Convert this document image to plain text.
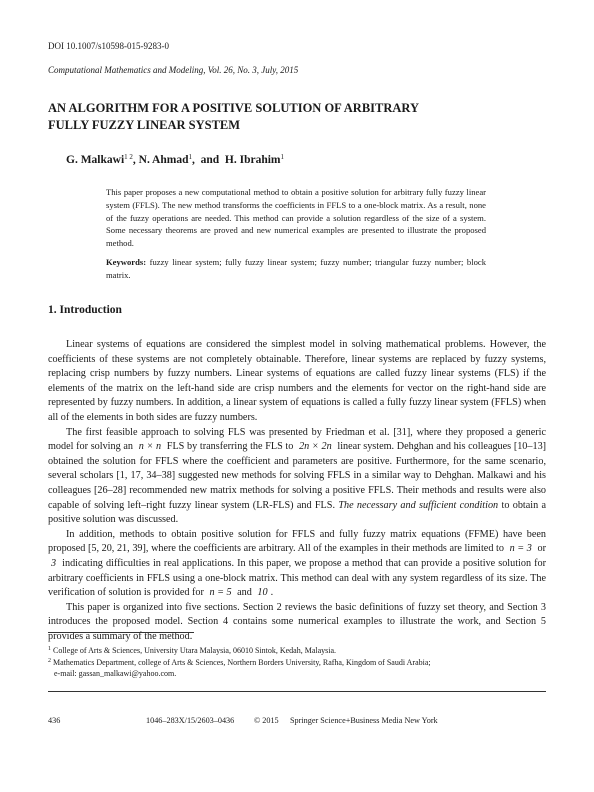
DOI 10.1007/s10598-015-9283-0
Computational Mathematics and Modeling, Vol. 26, No. 3, July, 2015
AN ALGORITHM FOR A POSITIVE SOLUTION OF ARBITRARY
FULLY FUZZY LINEAR SYSTEM
G. Malkawi$^{1 2}$, N. Ahmad$^1$,  and  H. Ibrahim$^1$
This paper proposes a new computational method to obtain a positive solution for arbitrary fully fuzzy linear system (FFLS). The new method transforms the coefficients in FFLS to a one-block matrix. As a result, none of the fuzzy operations are needed. This method can provide a solution regardless of the size of a system. Some necessary theorems are proved and new numerical examples are presented to illustrate the proposed method.
Keywords: fuzzy linear system; fully fuzzy linear system; fuzzy number; triangular fuzzy number; block matrix.
1. Introduction

Linear systems of equations are considered the simplest model in solving mathematical problems. However, the coefficients of these systems are not completely obtainable. Therefore, linear systems are replaced by fuzzy systems, replacing crisp numbers by fuzzy numbers. Linear systems of equations are called fuzzy linear systems (FLS) if the elements of the matrix on the left-hand side are crisp numbers and the elements for vector on the right-hand side are represented by fuzzy numbers. In addition, a linear system of equations is called a fully fuzzy linear system (FFLS) when all of the elements in both sides are fuzzy numbers.

The first feasible approach to solving FLS was presented by Friedman et al. [31], where they proposed a generic model for solving an n × n FLS by transferring the FLS to 2n × 2n linear system. Dehghan and his colleagues [10–13] obtained the solution for FFLS where the coefficient and parameters are positive. Furthermore, for the same scenario, several scholars [1, 17, 34–38] suggested new methods for solving FFLS in a similar way to Dehghan. Malkawi and his colleagues [26–28] recommended new matrix methods for solving a positive FFLS. Their methods and results were also capable of solving left–right fuzzy linear system (LR-FLS) and FLS. The necessary and sufficient condition to obtain a positive solution was discussed.

In addition, methods to obtain positive solution for FFLS and fully fuzzy matrix equations (FFME) have been proposed [5, 20, 21, 39], where the coefficients are arbitrary. All of the examples in their methods are limited to n = 3 or 3 indicating difficulties in real applications. In this paper, we propose a method that can provide a positive solution for arbitrary coefficients in FFLS using a one-block matrix. This method can deal with any system regardless of its size. The verification of solution is provided for n = 5 and 10 .

This paper is organized into five sections. Section 2 reviews the basic definitions of fuzzy set theory, and Section 3 introduces the proposed model. Section 4 contains some numerical examples to illustrate the work, and Section 5 provides a summary of the method.

$^1$ College of Arts & Sciences, University Utara Malaysia, 06010 Sintok, Kedah, Malaysia.
$^2$ Mathematics Department, college of Arts & Sciences, Northern Borders University, Rafha, Kingdom of Saudi Arabia;
e-mail: gassan_malkawi@yahoo.com.
436	1046–283X/15/2603–0436 © 2015 Springer Science+Business Media New York
